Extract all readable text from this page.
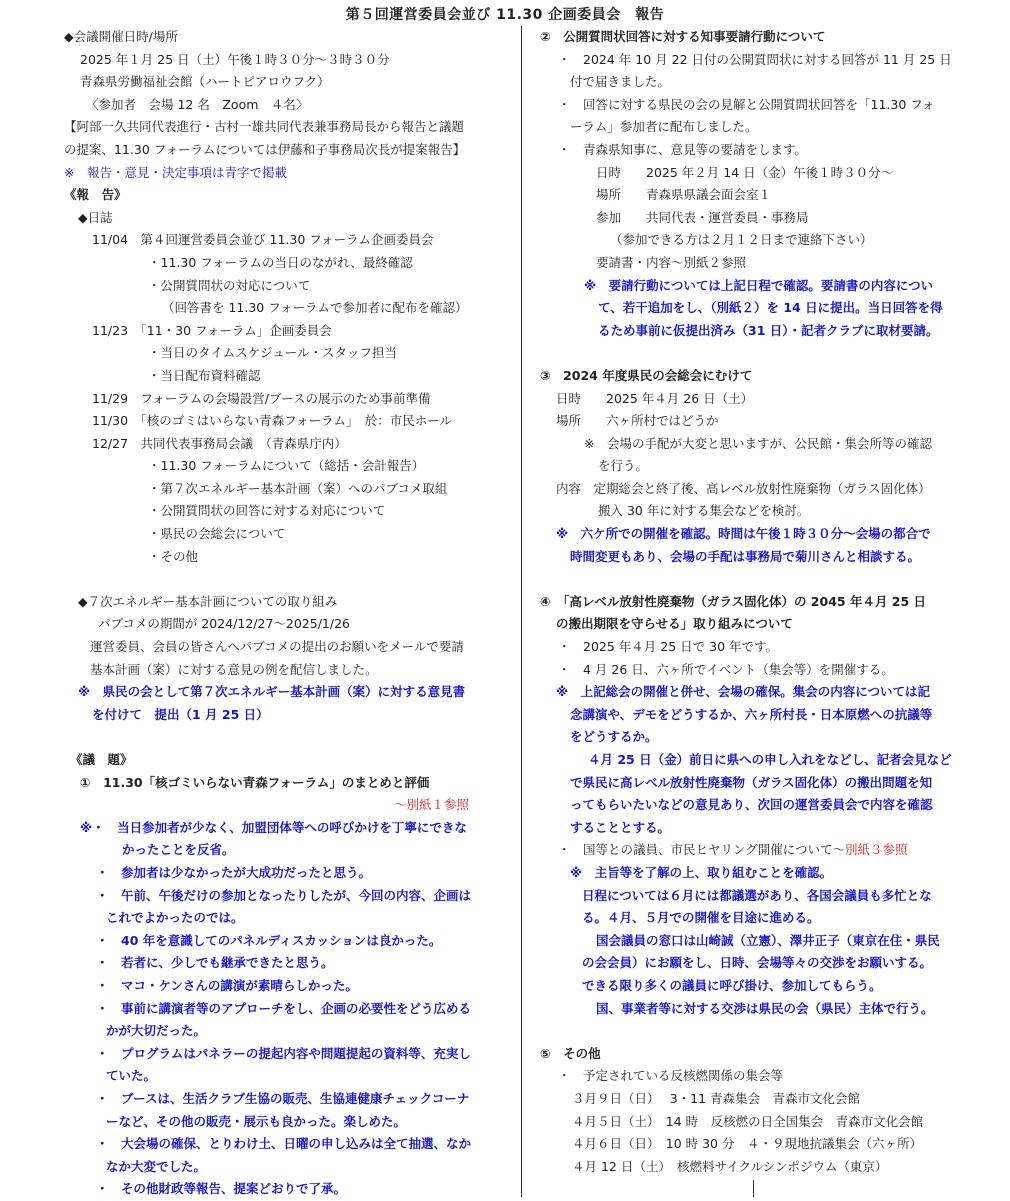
第５回運営委員会並び 11.30 企画委員会　報告
◆会議開催日時/場所
2025 年１月 25 日（土）午後１時３０分～３時３０分
青森県労働福祉会館（ハートピアロウフク）
〈参加者　会場 12 名　Zoom　４名〉
【阿部一久共同代表進行・古村一雄共同代表兼事務局長から報告と議題
の提案、11.30 フォーラムについては伊藤和子事務局次長が提案報告】
※　報告・意見・決定事項は青字で掲載
《報　告》
◆日誌
11/04　第４回運営委員会並び 11.30 フォーラム企画委員会
・11.30 フォーラムの当日のながれ、最終確認
・公開質問状の対応について
（回答書を 11.30 フォーラムで参加者に配布を確認）
11/23　「11・30 フォーラム」企画委員会
・当日のタイムスケジュール・スタッフ担当
・当日配布資料確認
11/29　フォーラムの会場設営/ブースの展示のため事前準備
11/30　「核のゴミはいらない青森フォーラム」　於：市民ホール
12/27　共同代表事務局会議　（青森県庁内）
・11.30 フォーラムについて（総括・会計報告）
・第７次エネルギー基本計画（案）へのパブコメ取組
・公開質問状の回答に対する対応について
・県民の会総会について
・その他
◆７次エネルギー基本計画についての取り組み
パブコメの期間が 2024/12/27～2025/1/26
運営委員、会員の皆さんへパブコメの提出のお願いをメールで要請
基本計画（案）に対する意見の例を配信しました。
※　県民の会として第７次エネルギー基本計画（案）に対する意見書
を付けて　提出（1 月 25 日）
《議　題》
①　11.30「核ゴミいらない青森フォーラム」のまとめと評価
～別紙１参照
※・　当日参加者が少なく、加盟団体等への呼びかけを丁寧にできな
かったことを反省。
・　参加者は少なかったが大成功だったと思う。
・　午前、午後だけの参加となったりしたが、今回の内容、企画は
これでよかったのでは。
・　40 年を意識してのパネルディスカッションは良かった。
・　若者に、少しでも継承できたと思う。
・　マコ・ケンさんの講演が素晴らしかった。
・　事前に講演者等のアプローチをし、企画の必要性をどう広める
かが大切だった。
・　プログラムはパネラーの提起内容や問題提起の資料等、充実し
ていた。
・　ブースは、生活クラブ生協の販売、生協連健康チェックコーナ
ーなど、その他の販売・展示も良かった。楽しめた。
・　大会場の確保、とりわけ土、日曜の申し込みは全て抽選、なか
なか大変でした。
・　その他財政等報告、提案どおりで了承。
②　公開質問状回答に対する知事要請行動について
・　2024 年 10 月 22 日付の公開質問状に対する回答が 11 月 25 日
付で届きました。
・　回答に対する県民の会の見解と公開質問状回答を「11.30 フォ
ーラム」参加者に配布しました。
・　青森県知事に、意見等の要請をします。
日時　　2025 年２月 14 日（金）午後１時３０分～
場所　　青森県県議会面会室１
参加　　共同代表・運営委員・事務局
（参加できる方は２月１２日まで連絡下さい）
要請書・内容～別紙２参照
※　要請行動については上記日程で確認。要請書の内容につい
て、若干追加をし、（別紙２）を 14 日に提出。当日回答を得
るため事前に仮提出済み（31 日）・記者クラブに取材要請。
③　2024 年度県民の会総会にむけて
日時　　2025 年４月 26 日（土）
場所　　六ヶ所村ではどうか
※　会場の手配が大変と思いますが、公民館・集会所等の確認
を行う。
内容　定期総会と終了後、高レベル放射性廃棄物（ガラス固化体）
搬入 30 年に対する集会などを検討。
※　六ケ所での開催を確認。時間は午後１時３０分～会場の都合で
時間変更もあり、会場の手配は事務局で菊川さんと相談する。
④　「高レベル放射性廃棄物（ガラス固化体）の 2045 年４月 25 日
の搬出期限を守らせる」取り組みについて
・　2025 年４月 25 日で 30 年です。
・　4 月 26 日、六ヶ所でイベント（集会等）を開催する。
※　上記総会の開催と併せ、会場の確保。集会の内容については記
念講演や、デモをどうするか、六ヶ所村長・日本原燃への抗議等
をどうするか。
４月 25 日（金）前日に県への申し入れをなどし、記者会見など
で県民に高レベル放射性廃棄物（ガラス固化体）の搬出問題を知
ってもらいたいなどの意見あり、次回の運営委員会で内容を確認
することとする。
・　国等との議員、市民ヒヤリング開催について～別紙３参照
※　主旨等を了解の上、取り組むことを確認。
日程については６月には都議選があり、各国会議員も多忙とな
る。４月、５月での開催を目途に進める。
国会議員の窓口は山崎誠（立憲）、澤井正子（東京在住・県民
の会会員）にお願をし、日時、会場等々の交渉をお願いする。
できる限り多くの議員に呼び掛け、参加してもらう。
国、事業者等に対する交渉は県民の会（県民）主体で行う。
⑤　その他
・　予定されている反核燃関係の集会等
３月９日（日）　 3・11 青森集会　青森市文化会館
４月５日（土）　14 時　反核燃の日全国集会　青森市文化会館
４月６日（日）　10 時 30 分　４・９現地抗議集会（六ヶ所）
４月 12 日（土）　核燃料サイクルシンポジウム（東京）
